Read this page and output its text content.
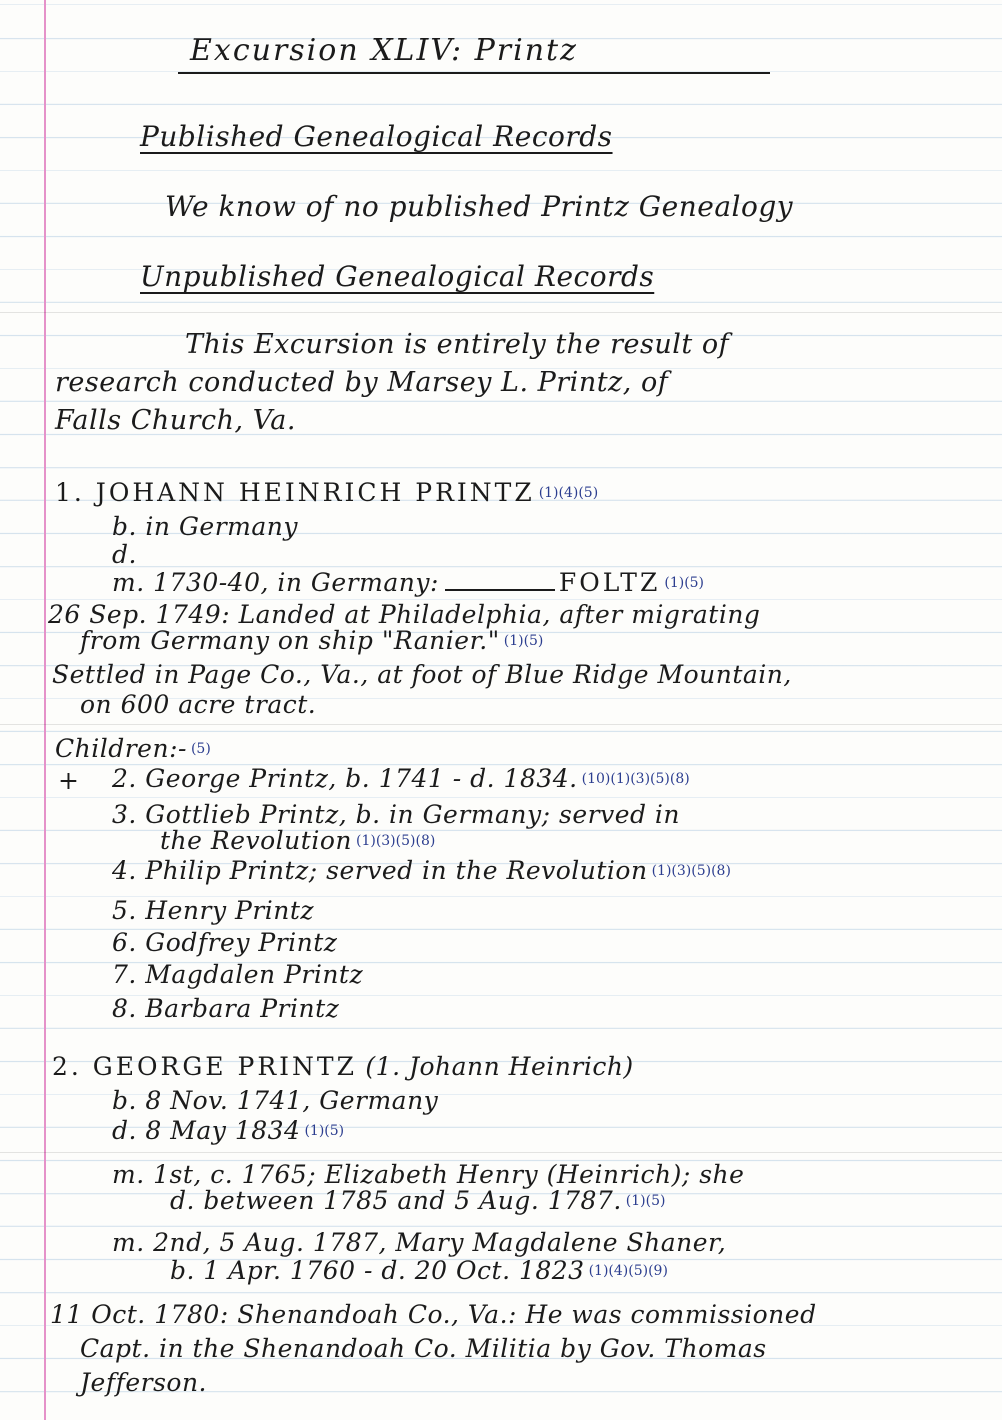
Excursion XLIV: Printz
Published Genealogical Records
We know of no published Printz Genealogy
Unpublished Genealogical Records
This Excursion is entirely the result of
research conducted by Marsey L. Printz, of
Falls Church, Va.
1. JOHANN HEINRICH PRINTZ $^{(1)(4)(5)}$
b. in Germany
d.
m. 1730-40, in Germany:	FOLTZ $^{(1)(5)}$
26 Sep. 1749: Landed at Philadelphia, after migrating
from Germany on ship "Ranier." $^{(1)(5)}$
Settled in Page Co., Va., at foot of Blue Ridge Mountain,
on 600 acre tract.
Children:- $^{(5)}$
+ 2. George Printz, b. 1741 - d. 1834. $^{(10)(1)(3)(5)(8)}$
3. Gottlieb Printz, b. in Germany; served in
the Revolution $^{(1)(3)(5)(8)}$
4. Philip Printz; served in the Revolution $^{(1)(3)(5)(8)}$
5. Henry Printz
6. Godfrey Printz
7. Magdalen Printz
8. Barbara Printz
2. GEORGE PRINTZ (1. Johann Heinrich)
b. 8 Nov. 1741, Germany
d. 8 May 1834 $^{(1)(5)}$
m. 1st, c. 1765; Elizabeth Henry (Heinrich); she
d. between 1785 and 5 Aug. 1787. $^{(1)(5)}$
m. 2nd, 5 Aug. 1787, Mary Magdalene Shaner,
b. 1 Apr. 1760 - d. 20 Oct. 1823 $^{(1)(4)(5)(9)}$
11 Oct. 1780: Shenandoah Co., Va.: He was commissioned
Capt. in the Shenandoah Co. Militia by Gov. Thomas
Jefferson.
